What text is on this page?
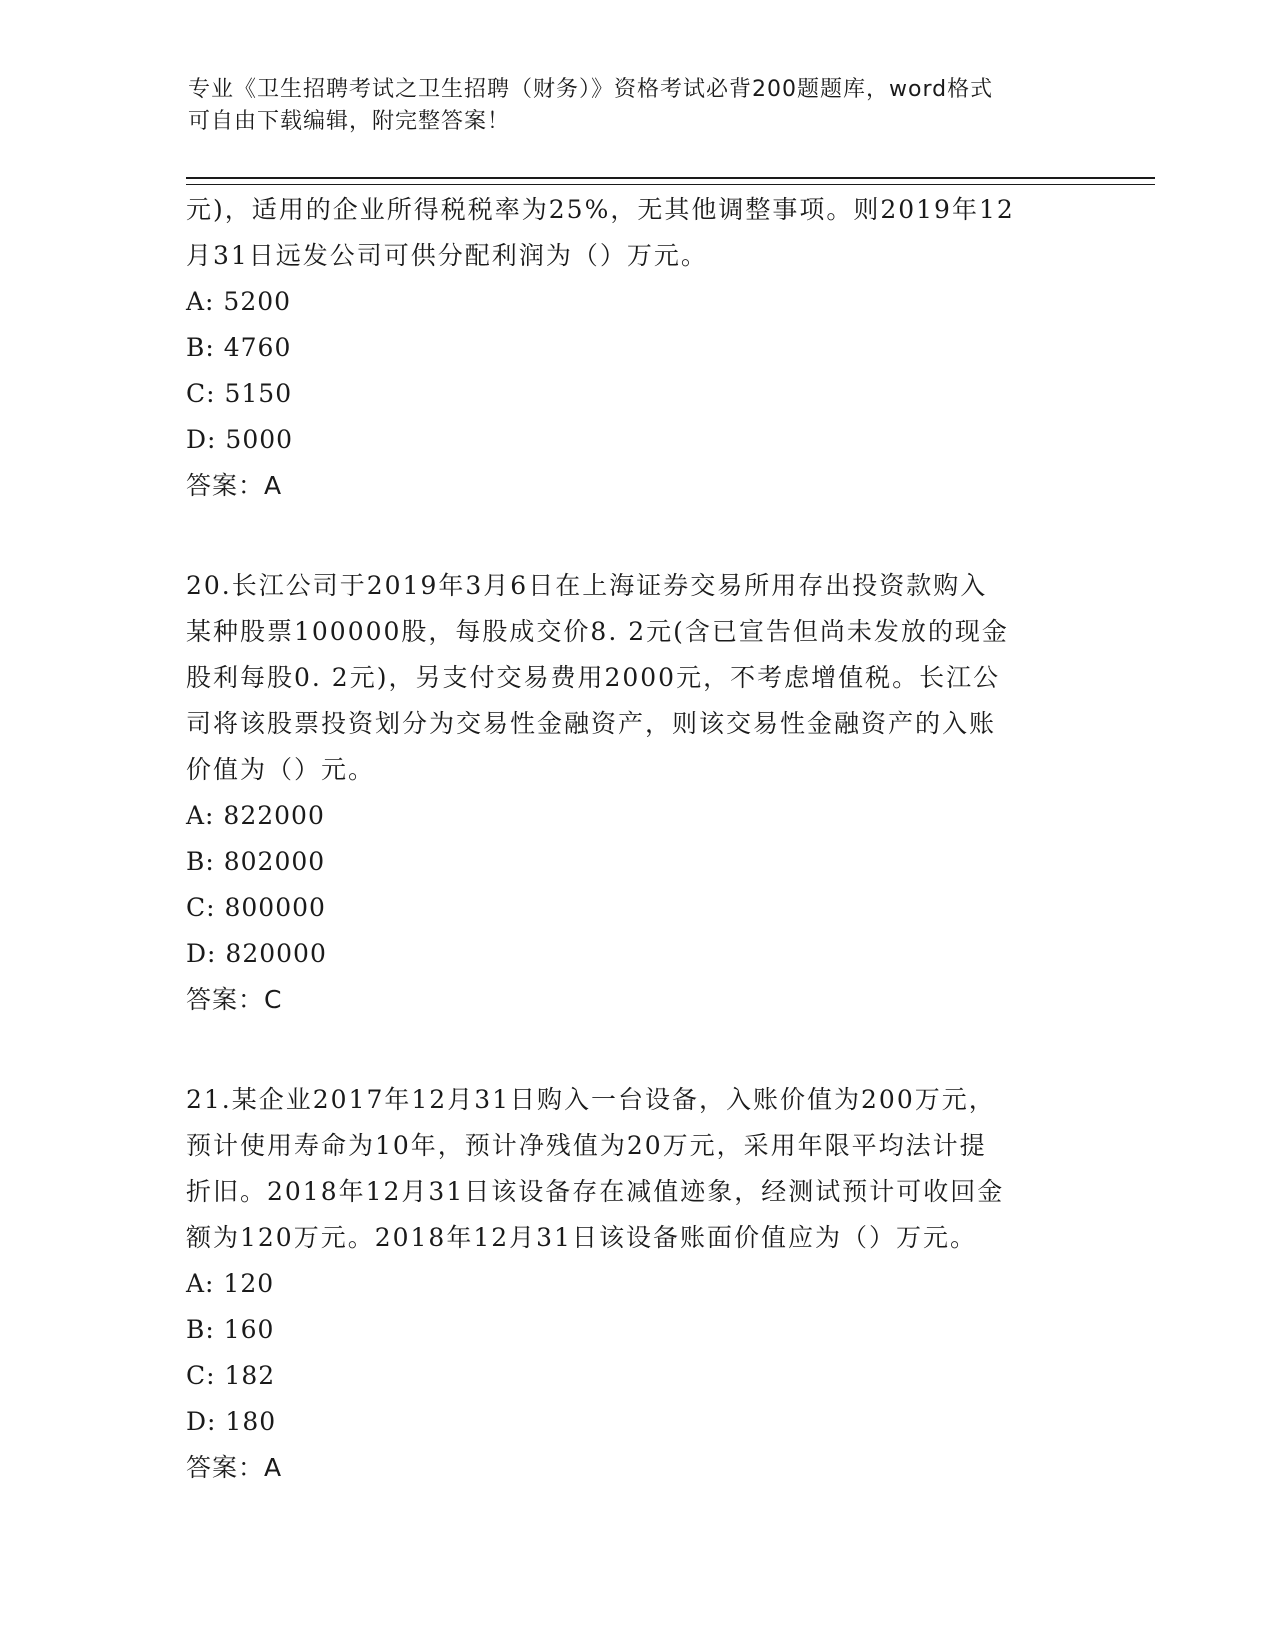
专业《卫生招聘考试之卫生招聘（财务）》资格考试必背200题题库，word格式
可自由下载编辑，附完整答案！

元)，适用的企业所得税税率为25%，无其他调整事项。则2019年12

月31日远发公司可供分配利润为（）万元。

A: 5200

B: 4760

C: 5150

D: 5000

答案：A

20.长江公司于2019年3月6日在上海证券交易所用存出投资款购入

某种股票100000股，每股成交价8. 2元(含已宣告但尚未发放的现金

股利每股0. 2元)，另支付交易费用2000元，不考虑增值税。长江公

司将该股票投资划分为交易性金融资产，则该交易性金融资产的入账

价值为（）元。

A: 822000

B: 802000

C: 800000

D: 820000

答案：C

21.某企业2017年12月31日购入一台设备，入账价值为200万元，

预计使用寿命为10年，预计净残值为20万元，采用年限平均法计提

折旧。2018年12月31日该设备存在减值迹象，经测试预计可收回金

额为120万元。2018年12月31日该设备账面价值应为（）万元。

A: 120

B: 160

C: 182

D: 180

答案：A
